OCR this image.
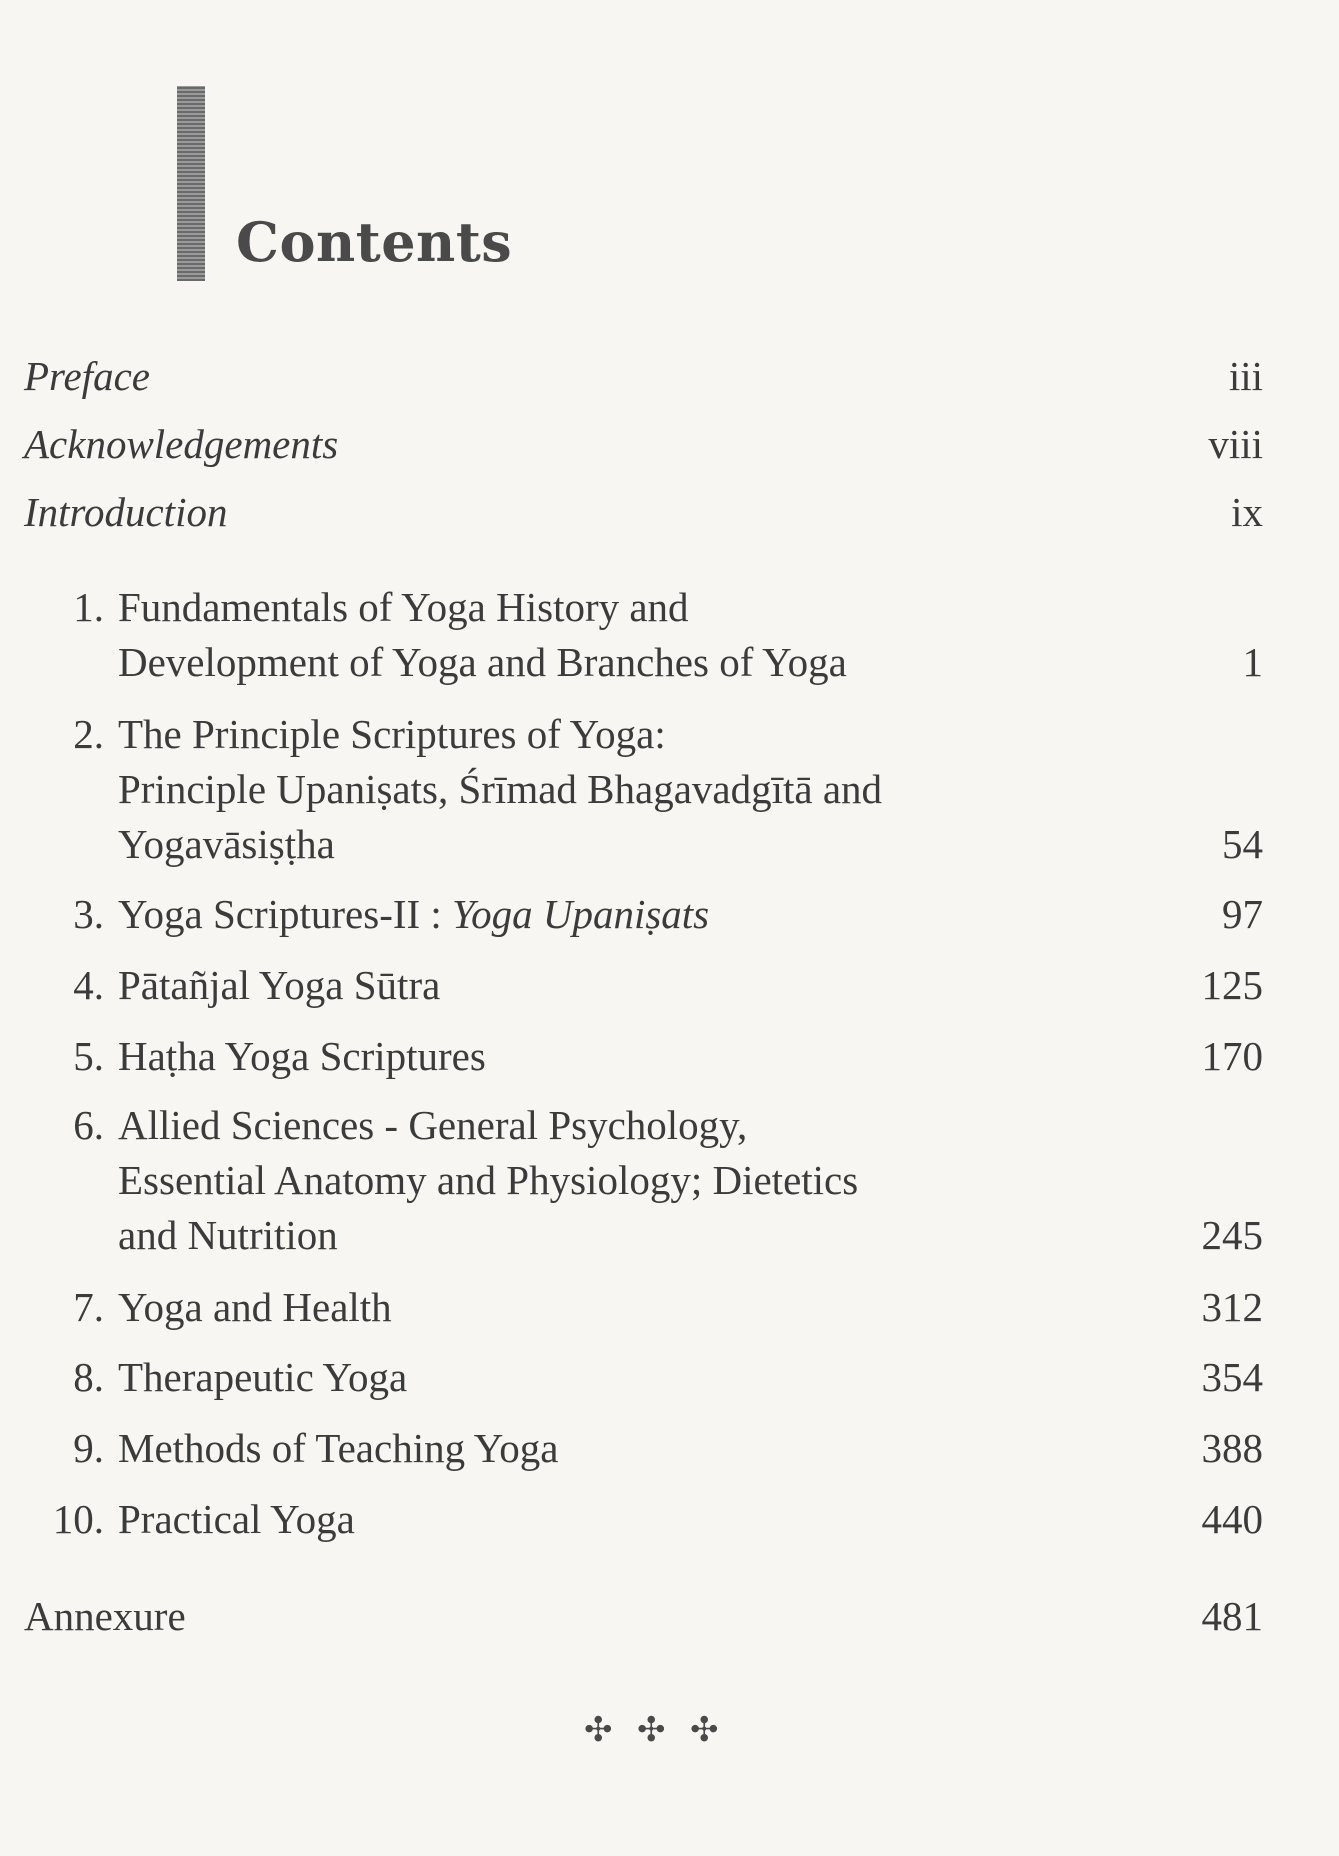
Contents
Preface	iii
Acknowledgements	viii
Introduction	ix
1. Fundamentals of Yoga History and
Development of Yoga and Branches of Yoga	1
2. The Principle Scriptures of Yoga:
Principle Upaniṣats, Śrīmad Bhagavadgītā and
Yogavāsiṣṭha	54
3. Yoga Scriptures-II : Yoga Upaniṣats	97
4. Pātañjal Yoga Sūtra	125
5. Haṭha Yoga Scriptures	170
6. Allied Sciences - General Psychology,
Essential Anatomy and Physiology; Dietetics
and Nutrition	245
7. Yoga and Health	312
8. Therapeutic Yoga	354
9. Methods of Teaching Yoga	388
10. Practical Yoga	440
Annexure	481
✣ ✣ ✣
